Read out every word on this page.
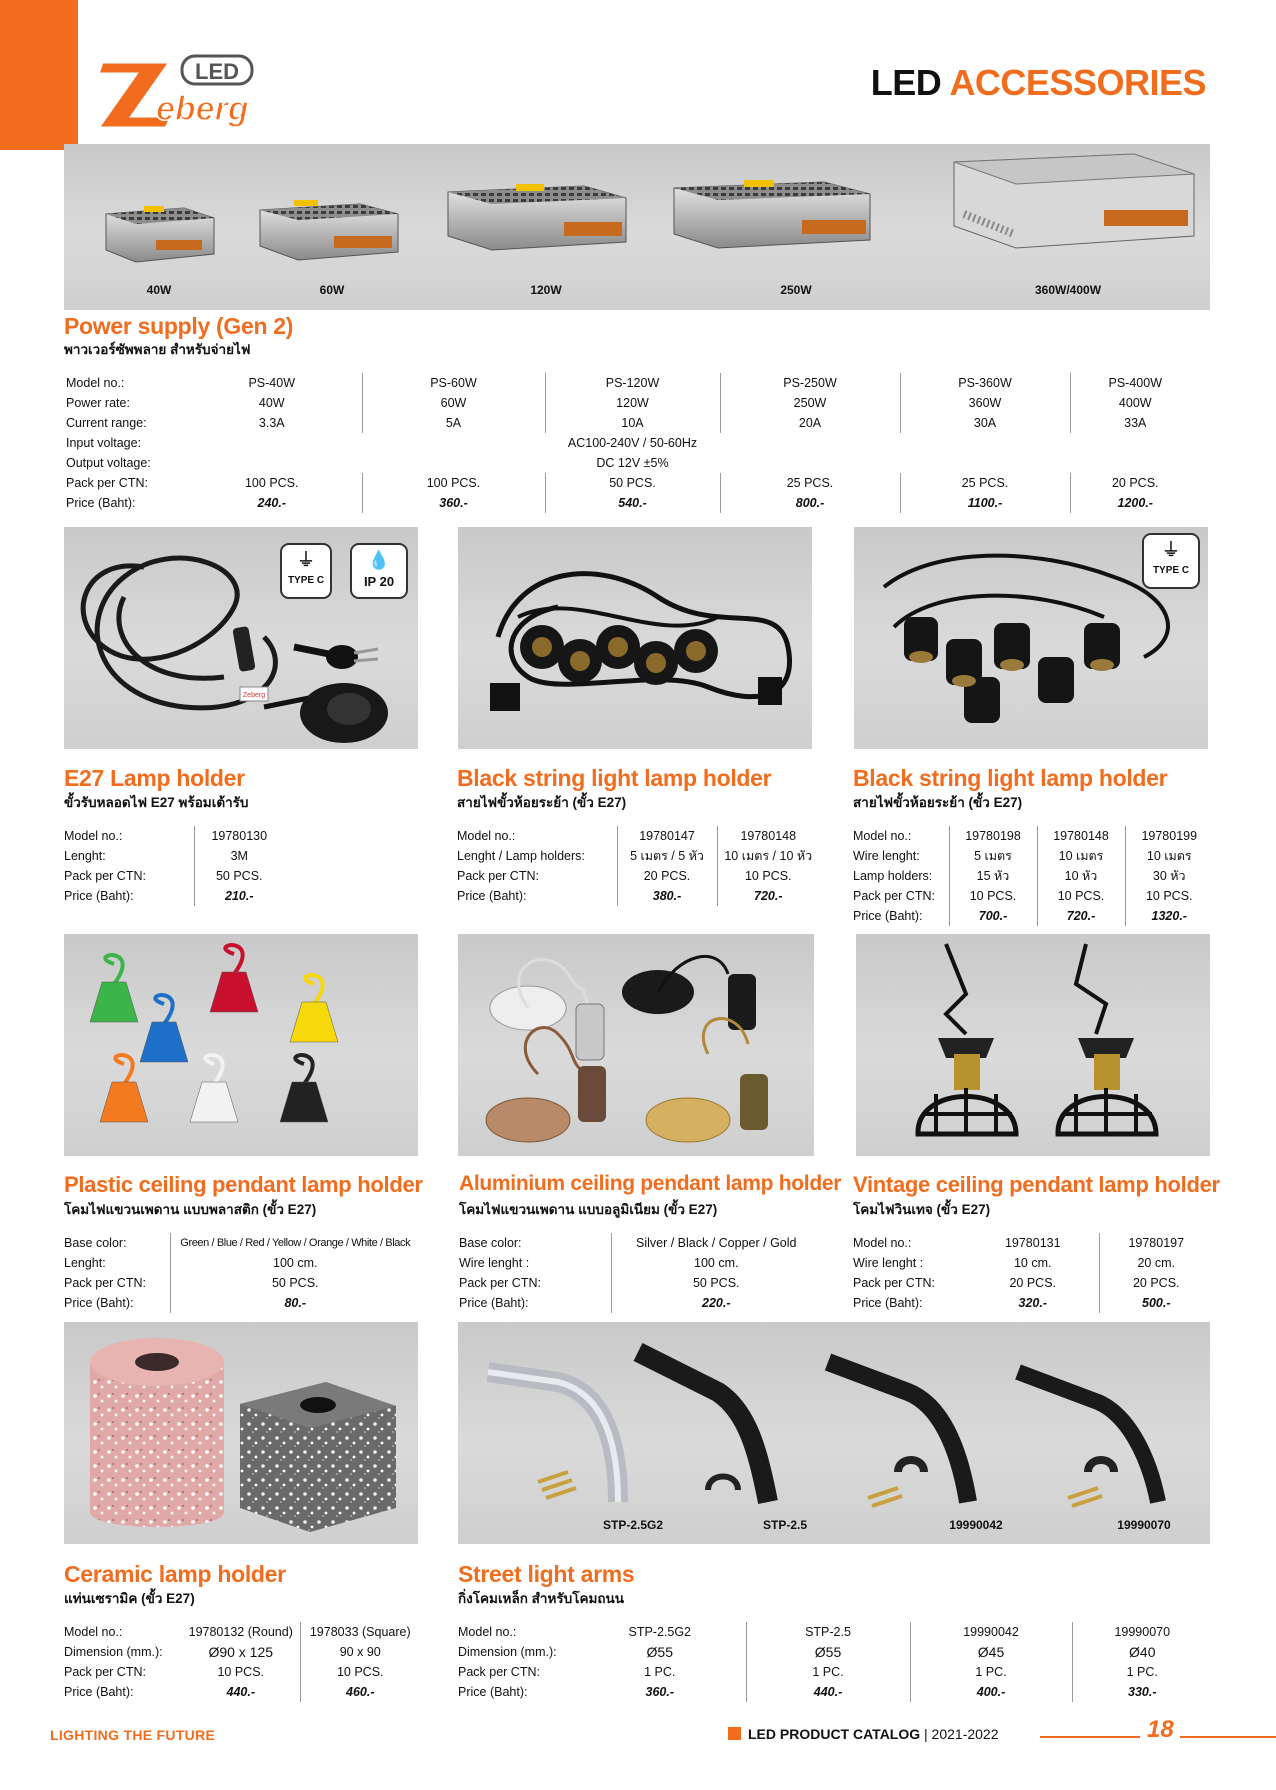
LED
eberg
LED ACCESSORIES
40W	60W	120W	250W	360W/400W
Power supply (Gen 2)
พาวเวอร์ซัพพลาย สำหรับจ่ายไฟ
Model no.:	PS-40W	PS-60W	PS-120W	PS-250W	PS-360W	PS-400W
Power rate:	40W	60W	120W	250W	360W	400W
Current range:	3.3A	5A	10A	20A	30A	33A
Input voltage:			AC100-240V / 50-60Hz			
Output voltage:			DC 12V ±5%			
Pack per CTN:	100 PCS.	100 PCS.	50 PCS.	25 PCS.	25 PCS.	20 PCS.
Price (Baht):	240.-	360.-	540.-	800.-	1100.-	1200.-
Zeberg
⏚
TYPE C
💧
IP 20
⏚
TYPE C
E27 Lamp holder
ขั้วรับหลอดไฟ E27 พร้อมเต้ารับ
Model no.:	19780130
Lenght:	3M
Pack per CTN:	50 PCS.
Price (Baht):	210.-
Black string light lamp holder
สายไฟขั้วห้อยระย้า (ขั้ว E27)
Model no.:	19780147	19780148
Lenght / Lamp holders:	5 เมตร / 5 หัว	10 เมตร / 10 หัว
Pack per CTN:	20 PCS.	10 PCS.
Price (Baht):	380.-	720.-
Black string light lamp holder
สายไฟขั้วห้อยระย้า (ขั้ว E27)
Model no.:	19780198	19780148	19780199
Wire lenght:	5 เมตร	10 เมตร	10 เมตร
Lamp holders:	15 หัว	10 หัว	30 หัว
Pack per CTN:	10 PCS.	10 PCS.	10 PCS.
Price (Baht):	700.-	720.-	1320.-
Plastic ceiling pendant lamp holder
โคมไฟแขวนเพดาน แบบพลาสติก (ขั้ว E27)
Base color:	Green / Blue / Red / Yellow / Orange / White / Black
Lenght:	100 cm.
Pack per CTN:	50 PCS.
Price (Baht):	80.-
Aluminium ceiling pendant lamp holder
โคมไฟแขวนเพดาน แบบอลูมิเนียม (ขั้ว E27)
Base color:	Silver / Black / Copper / Gold
Wire lenght :	100 cm.
Pack per CTN:	50 PCS.
Price (Baht):	220.-
Vintage ceiling pendant lamp holder
โคมไฟวินเทจ (ขั้ว E27)
Model no.:	19780131	19780197
Wire lenght :	10 cm.	20 cm.
Pack per CTN:	20 PCS.	20 PCS.
Price (Baht):	320.-	500.-
STP-2.5G2	STP-2.5	19990042	19990070
Ceramic lamp holder
แท่นเซรามิค (ขั้ว E27)
Model no.:	19780132 (Round)	1978033 (Square)
Dimension (mm.):	Ø90 x 125	90 x 90
Pack per CTN:	10 PCS.	10 PCS.
Price (Baht):	440.-	460.-
Street light arms
กิ่งโคมเหล็ก สำหรับโคมถนน
Model no.:	STP-2.5G2	STP-2.5	19990042	19990070
Dimension (mm.):	Ø55	Ø55	Ø45	Ø40
Pack per CTN:	1 PC.	1 PC.	1 PC.	1 PC.
Price (Baht):	360.-	440.-	400.-	330.-
LIGHTING THE FUTURE	LED PRODUCT CATALOG | 2021-2022	18
